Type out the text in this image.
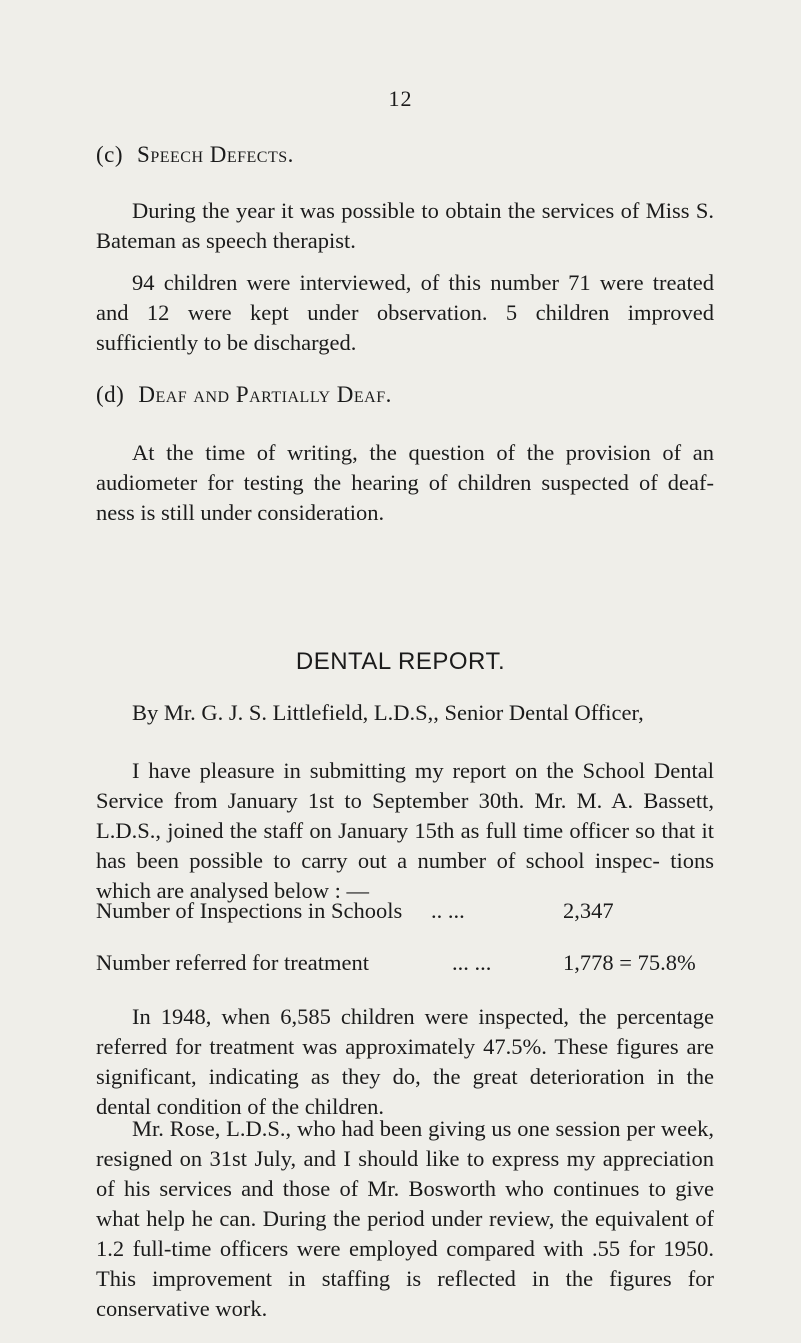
12
(c) Speech Defects.

During the year it was possible to obtain the services of Miss S. Bateman as speech therapist.

94 children were interviewed, of this number 71 were treated and 12 were kept under observation. 5 children improved sufficiently to be discharged.

(d) Deaf and Partially Deaf.

At the time of writing, the question of the provision of an audiometer for testing the hearing of children suspected of deaf- ness is still under consideration.

DENTAL REPORT.
By Mr. G. J. S. Littlefield, L.D.S,, Senior Dental Officer,

I have pleasure in submitting my report on the School Dental Service from January 1st to September 30th. Mr. M. A. Bassett, L.D.S., joined the staff on January 15th as full time officer so that it has been possible to carry out a number of school inspec- tions which are analysed below : —

Number of Inspections in Schools .. ...	2,347
Number referred for treatment	... ...	1,778 = 75.8%

In 1948, when 6,585 children were inspected, the percentage referred for treatment was approximately 47.5%. These figures are significant, indicating as they do, the great deterioration in the dental condition of the children.

Mr. Rose, L.D.S., who had been giving us one session per week, resigned on 31st July, and I should like to express my appreciation of his services and those of Mr. Bosworth who continues to give what help he can. During the period under review, the equivalent of 1.2 full-time officers were employed compared with .55 for 1950. This improvement in staffing is reflected in the figures for conservative work.
